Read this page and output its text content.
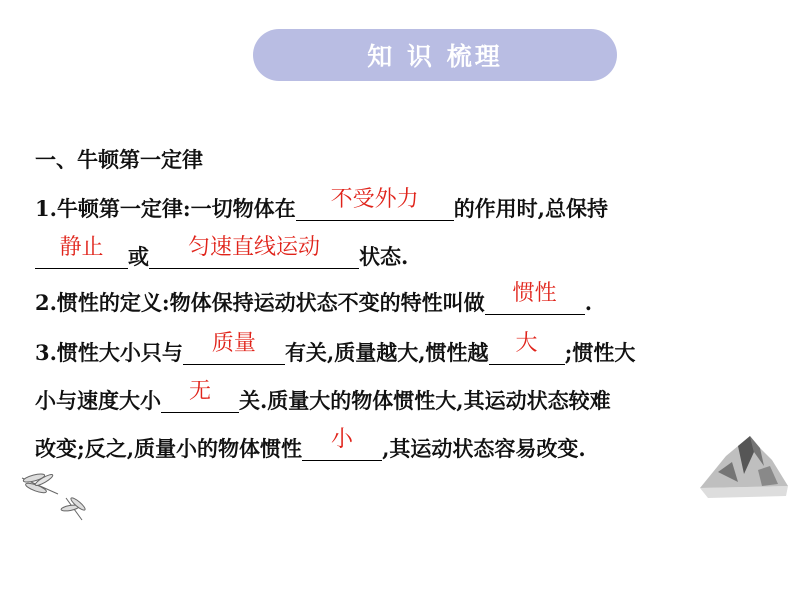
知 识 梳理
一、牛顿第一定律
1.牛顿第一定律:一切物体在	不受外力	的作用时,总保持
静止	或	匀速直线运动	状态.
2.惯性的定义:物体保持运动状态不变的特性叫做	惯性	.
3.惯性大小只与	质量	有关,质量越大,惯性越	大	;惯性大
小与速度大小	无	关.质量大的物体惯性大,其运动状态较难
改变;反之,质量小的物体惯性	小	,其运动状态容易改变.
